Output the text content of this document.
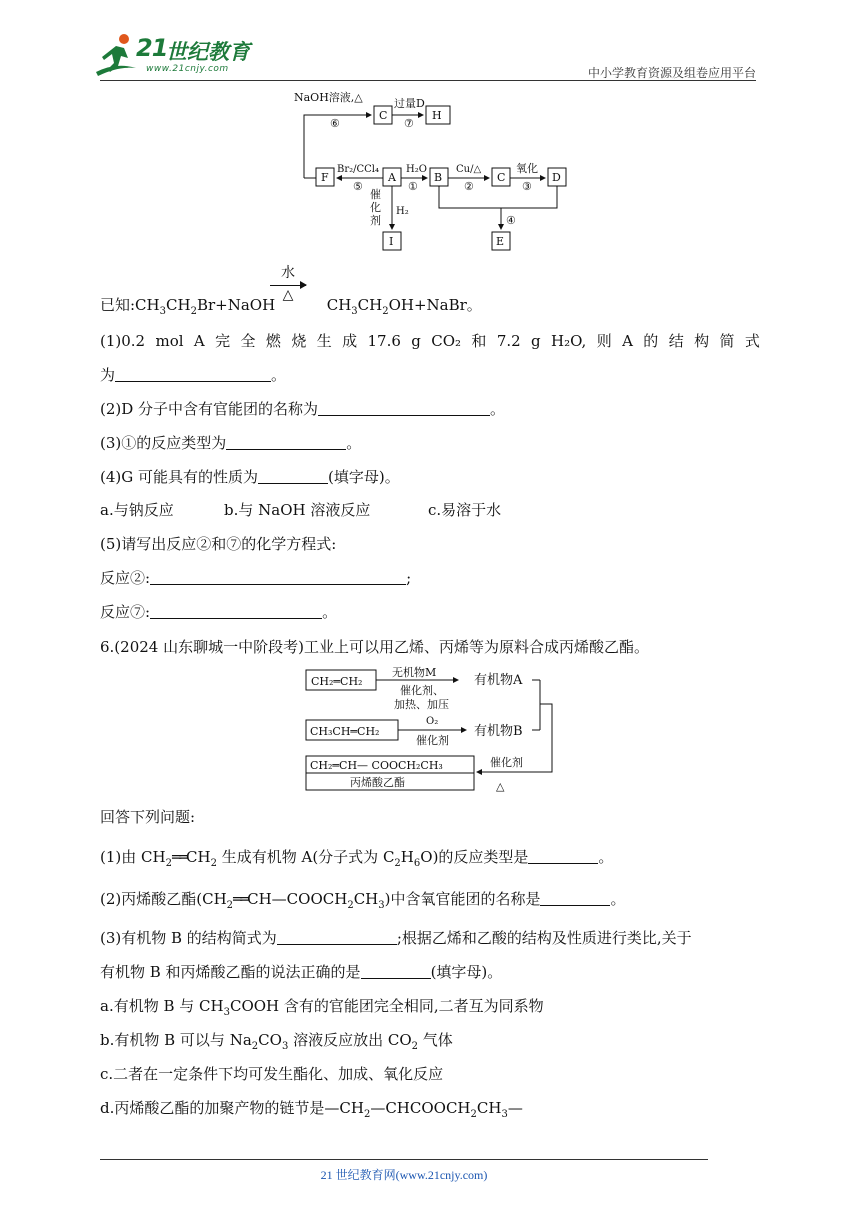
21
世纪教育
www.21cnjy.com	中小学教育资源及组卷应用平台
NaOH溶液,△
⑥
C
过量D
⑦
H
F
Br₂/CCl₄
⑤
A
H₂O
①
B
Cu/△
②
C
氧化
③
D
催
化
剂
H₂
I
④
E
已知$:CH_3CH_2Br+NaOH$	$CH_3CH_2OH+NaBr$。
水
△
(1)0.2 mol A 完 全 燃 烧 生 成 17.6 g CO₂ 和 7.2 g H₂O, 则 A 的 结 构 简 式
为	。
(2)D 分子中含有官能团的名称为	。
(3)①的反应类型为	。
(4)G 可能具有的性质为	(填字母)。
a.与钠反应	b.与 NaOH 溶液反应	c.易溶于水
(5)请写出反应②和⑦的化学方程式:
反应②:	;
反应⑦:	。
6.(2024 山东聊城一中阶段考)工业上可以用乙烯、丙烯等为原料合成丙烯酸乙酯。
CH₂═CH₂
无机物M
催化剂、
加热、加压
有机物A
CH₃CH═CH₂
O₂
催化剂
有机物B
CH₂═CH— COOCH₂CH₃
丙烯酸乙酯
催化剂
△
回答下列问题:
(1)由 $CH_2══CH_2$ 生成有机物 A(分子式为 $C_2H_6O$)的反应类型是	。
(2)丙烯酸乙酯$(CH_2══CH—COOCH_2CH_3)$中含氧官能团的名称是	。
(3)有机物 B 的结构简式为	;根据乙烯和乙酸的结构及性质进行类比,关于
有机物 B 和丙烯酸乙酯的说法正确的是	(填字母)。
a.有机物 B 与 $CH_3COOH$ 含有的官能团完全相同,二者互为同系物
b.有机物 B 可以与 $Na_2CO_3$ 溶液反应放出 $CO_2$ 气体
c.二者在一定条件下均可发生酯化、加成、氧化反应
d.丙烯酸乙酯的加聚产物的链节是$—CH_2—CHCOOCH_2CH_3—$
21 世纪教育网(www.21cnjy.com)
